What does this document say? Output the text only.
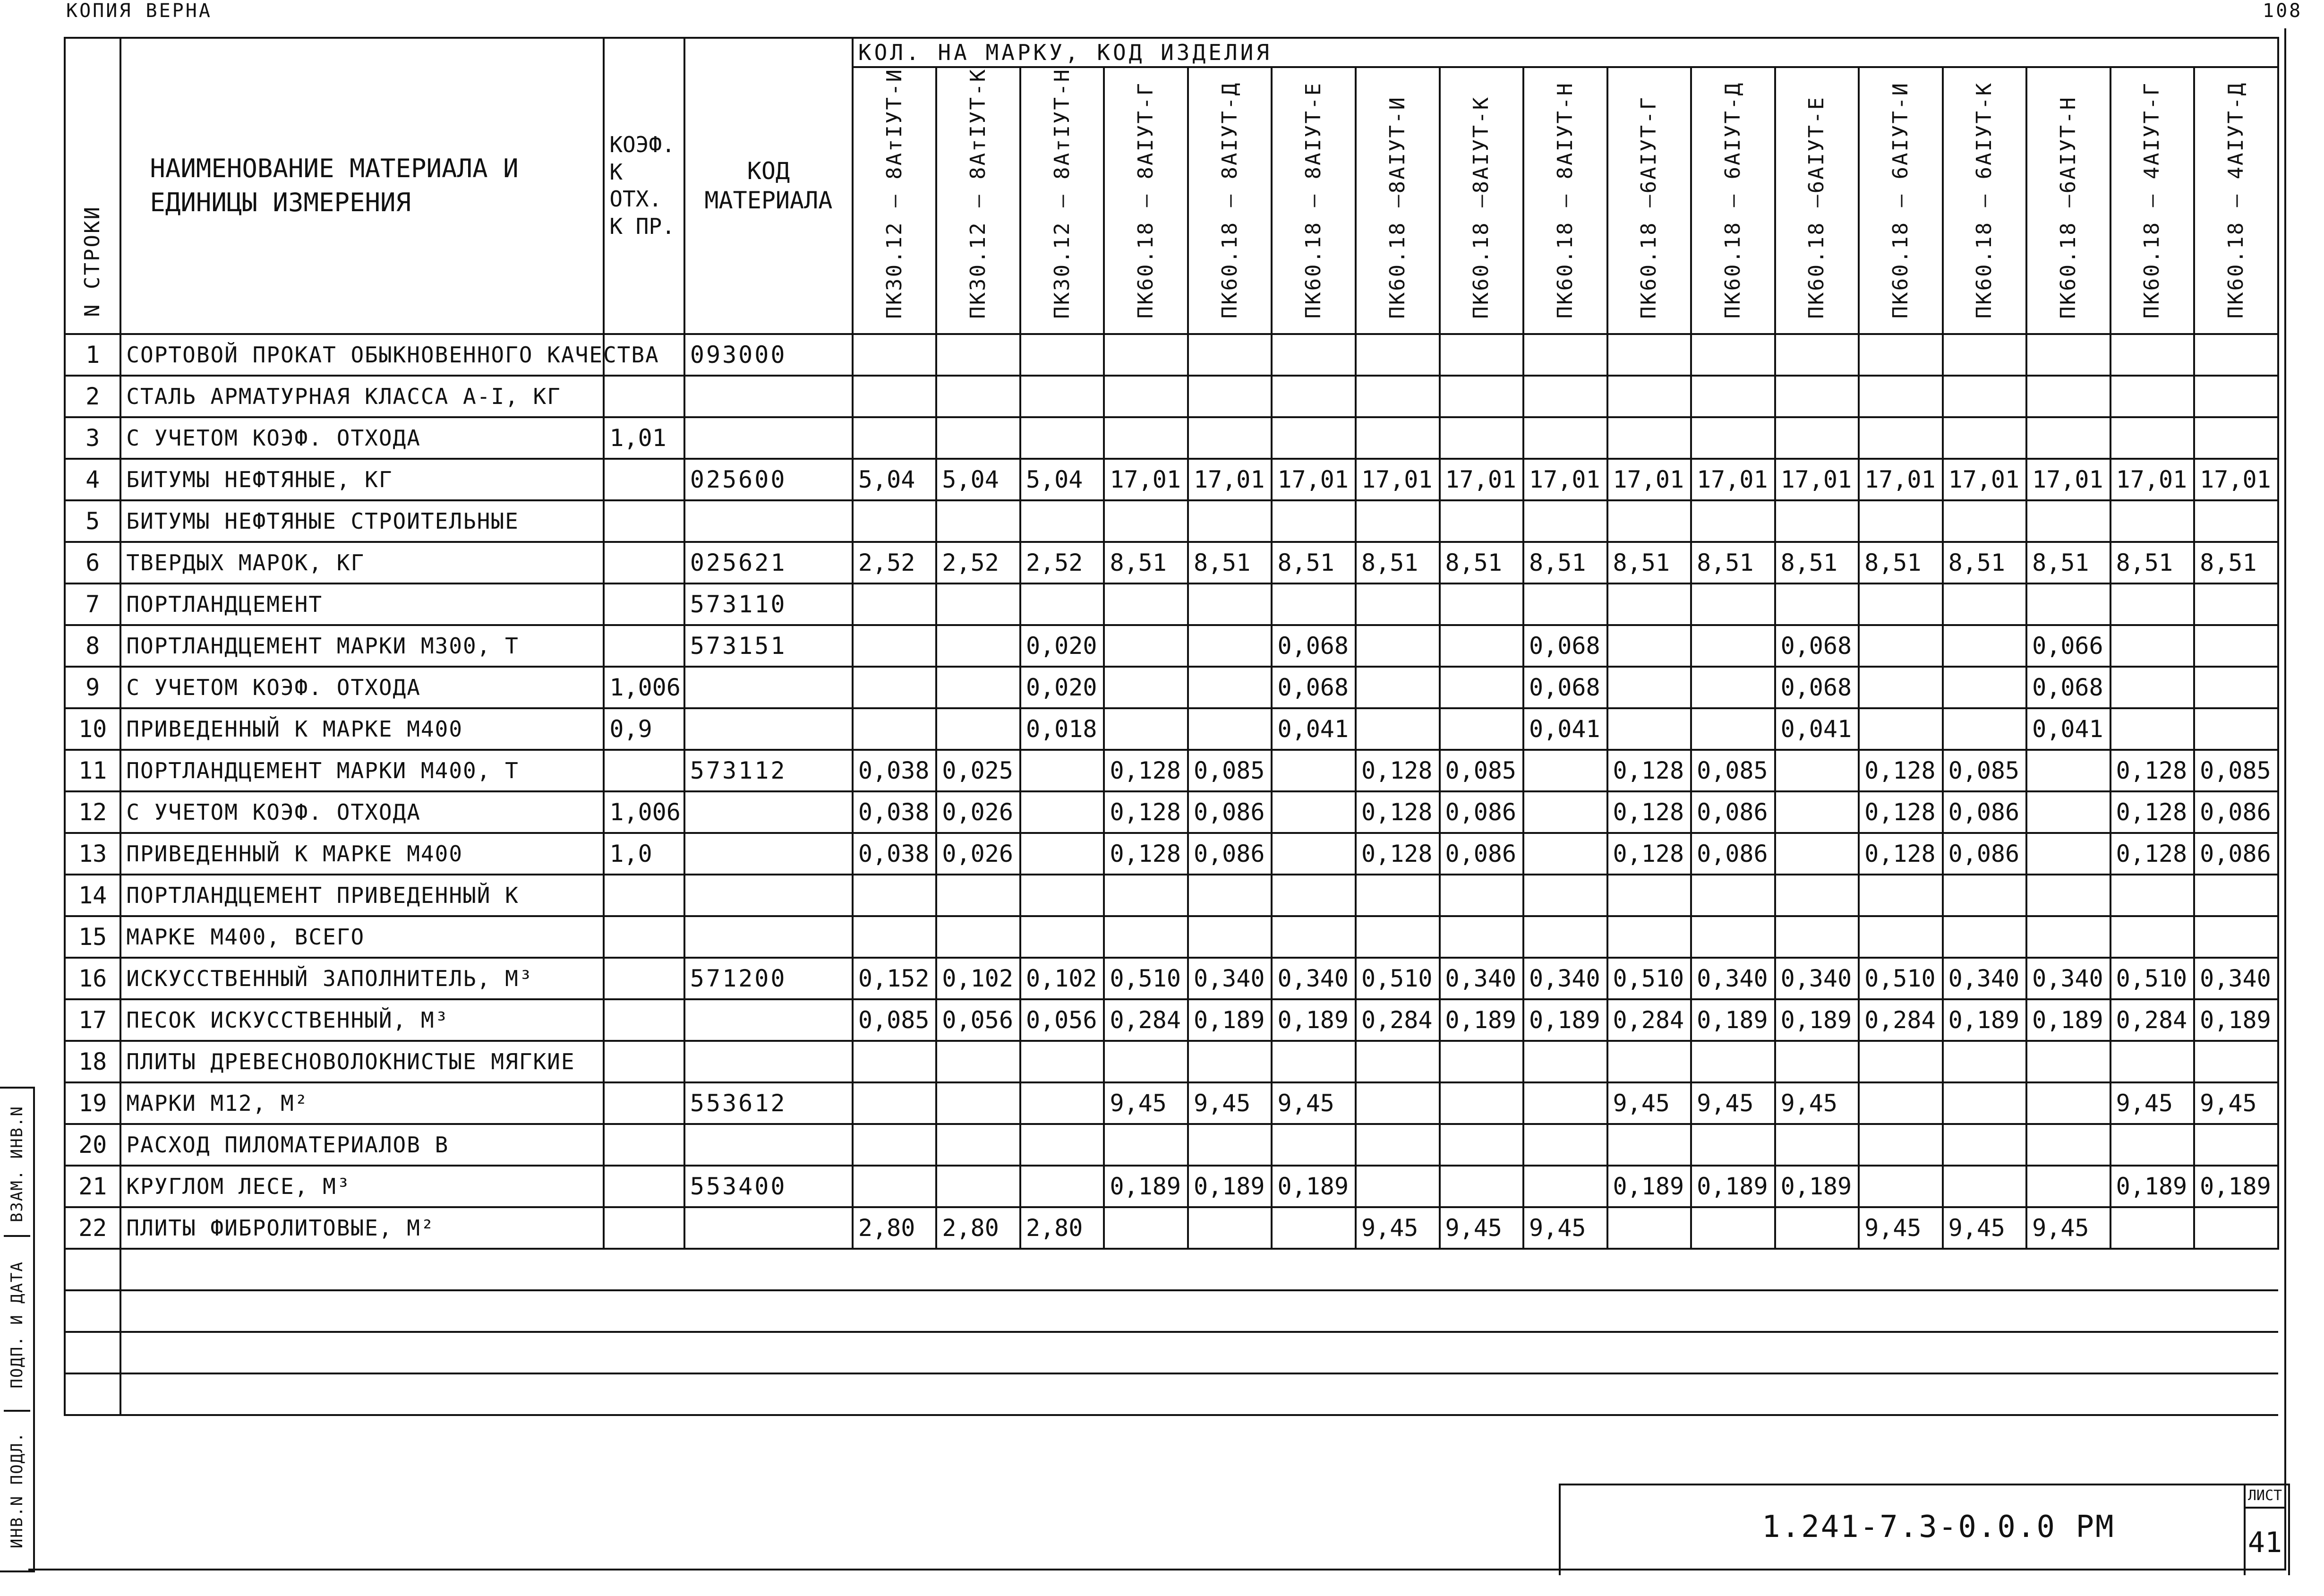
КОПИЯ ВЕРНА	108
N СТРОКИ	НАИМЕНОВАНИЕ МАТЕРИАЛА И ЕДИНИЦЫ ИЗМЕРЕНИЯ	КОЭФ. К ОТХ. К ПР.	КОД МАТЕРИАЛА	КОЛ. НА МАРКУ, КОД ИЗДЕЛИЯ																
				ПК30.12 — 8AтIУТ-И	ПК30.12 — 8AтIУТ-К	ПК30.12 — 8AтIУТ-Н	ПК60.18 — 8AIУТ-Г	ПК60.18 — 8AIУТ-Д	ПК60.18 — 8AIУТ-Е	ПК60.18 —8AIУТ-И	ПК60.18 —8AIУТ-К	ПК60.18 — 8AIУТ-Н	ПК60.18 —6AIУТ-Г	ПК60.18 — 6AIУТ-Д	ПК60.18 —6AIУТ-Е	ПК60.18 — 6AIУТ-И	ПК60.18 — 6AIУТ-К	ПК60.18 —6AIУТ-Н	ПК60.18 — 4AIУТ-Г	ПК60.18 — 4AIУТ-Д
1	СОРТОВОЙ ПРОКАТ ОБЫКНОВЕННОГО КАЧЕСТВА		093000																	
2	СТАЛЬ АРМАТУРНАЯ КЛАССА A-I, КГ																			
3	С УЧЕТОМ КОЭФ. ОТХОДА	1,01																		
4	БИТУМЫ НЕФТЯНЫЕ, КГ		025600	5,04	5,04	5,04	17,01	17,01	17,01	17,01	17,01	17,01	17,01	17,01	17,01	17,01	17,01	17,01	17,01	17,01
5	БИТУМЫ НЕФТЯНЫЕ СТРОИТЕЛЬНЫЕ																			
6	ТВЕРДЫХ МАРОК, КГ		025621	2,52	2,52	2,52	8,51	8,51	8,51	8,51	8,51	8,51	8,51	8,51	8,51	8,51	8,51	8,51	8,51	8,51
7	ПОРТЛАНДЦЕМЕНТ		573110																	
8	ПОРТЛАНДЦЕМЕНТ МАРКИ М300, Т		573151			0,020			0,068			0,068			0,068			0,066		
9	С УЧЕТОМ КОЭФ. ОТХОДА	1,006				0,020			0,068			0,068			0,068			0,068		
10	ПРИВЕДЕННЫЙ К МАРКЕ М400	0,9				0,018			0,041			0,041			0,041			0,041		
11	ПОРТЛАНДЦЕМЕНТ МАРКИ М400, Т		573112	0,038	0,025		0,128	0,085		0,128	0,085		0,128	0,085		0,128	0,085		0,128	0,085
12	С УЧЕТОМ КОЭФ. ОТХОДА	1,006		0,038	0,026		0,128	0,086		0,128	0,086		0,128	0,086		0,128	0,086		0,128	0,086
13	ПРИВЕДЕННЫЙ К МАРКЕ М400	1,0		0,038	0,026		0,128	0,086		0,128	0,086		0,128	0,086		0,128	0,086		0,128	0,086
14	ПОРТЛАНДЦЕМЕНТ ПРИВЕДЕННЫЙ К																			
15	МАРКЕ М400, ВСЕГО																			
16	ИСКУССТВЕННЫЙ ЗАПОЛНИТЕЛЬ, М³		571200	0,152	0,102	0,102	0,510	0,340	0,340	0,510	0,340	0,340	0,510	0,340	0,340	0,510	0,340	0,340	0,510	0,340
17	ПЕСОК ИСКУССТВЕННЫЙ, М³			0,085	0,056	0,056	0,284	0,189	0,189	0,284	0,189	0,189	0,284	0,189	0,189	0,284	0,189	0,189	0,284	0,189
18	ПЛИТЫ ДРЕВЕСНОВОЛОКНИСТЫЕ МЯГКИЕ																			
19	МАРКИ М12, М²		553612				9,45	9,45	9,45				9,45	9,45	9,45				9,45	9,45
20	РАСХОД ПИЛОМАТЕРИАЛОВ В																			
21	КРУГЛОМ ЛЕСЕ, М³		553400				0,189	0,189	0,189				0,189	0,189	0,189				0,189	0,189
22	ПЛИТЫ ФИБРОЛИТОВЫЕ, М²			2,80	2,80	2,80				9,45	9,45	9,45				9,45	9,45	9,45		

1.241-7.3-0.0.0 РМ
ЛИСТ
41
ВЗАМ. ИНВ.N
ПОДП. И ДАТА
ИНВ.N ПОДЛ.
